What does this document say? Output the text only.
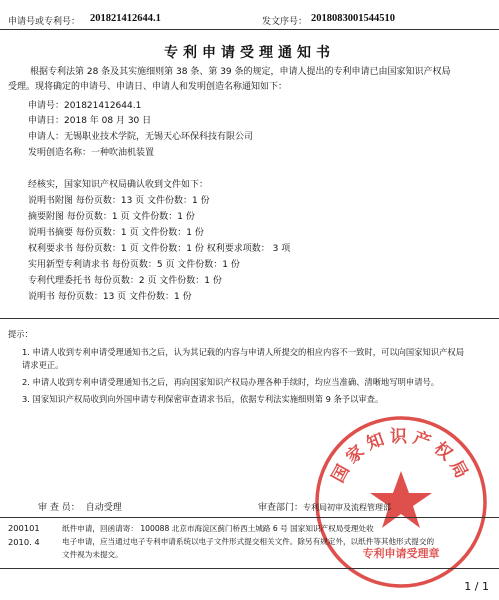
申请号或专利号： 201821412644.1	发文序号： 2018083001544510
专利申请受理通知书
根据专利法第 28 条及其实施细则第 38 条、第 39 条的规定，申请人提出的专利申请已由国家知识产权局
受理。现将确定的申请号、申请日、申请人和发明创造名称通知如下：
申请号：201821412644.1
申请日：2018 年 08 月 30 日
申请人：无锡职业技术学院，无锡天心环保科技有限公司
发明创造名称：一种吹油机装置
经核实，国家知识产权局确认收到文件如下：
说明书附图 每份页数：13 页 文件份数：1 份
摘要附图 每份页数：1 页 文件份数：1 份
说明书摘要 每份页数：1 页 文件份数：1 份
权利要求书 每份页数：1 页 文件份数：1 份 权利要求项数： 3 项
实用新型专利请求书 每份页数：5 页 文件份数：1 份
专利代理委托书 每份页数：2 页 文件份数：1 份
说明书 每份页数：13 页 文件份数：1 份
提示：
1. 申请人收到专利申请受理通知书之后，认为其记载的内容与申请人所提交的相应内容不一致时，可以向国家知识产权局
请求更正。
2. 申请人收到专利申请受理通知书之后，再向国家知识产权局办理各种手续时，均应当准确、清晰地写明申请号。
3. 国家知识产权局收到向外国申请专利保密审查请求书后，依据专利法实施细则第 9 条予以审查。
国家知识产权局
专利申请受理章
审 查 员： 自动受理	审查部门：专利局初审及流程管理部
200101
2010. 4
纸件申请，回函请寄： 100088 北京市海淀区蓟门桥西土城路 6 号 国家知识产权局受理处收
电子申请，应当通过电子专利申请系统以电子文件形式提交相关文件。除另有规定外，以纸件等其他形式提交的
文件视为未提交。
1 / 1
